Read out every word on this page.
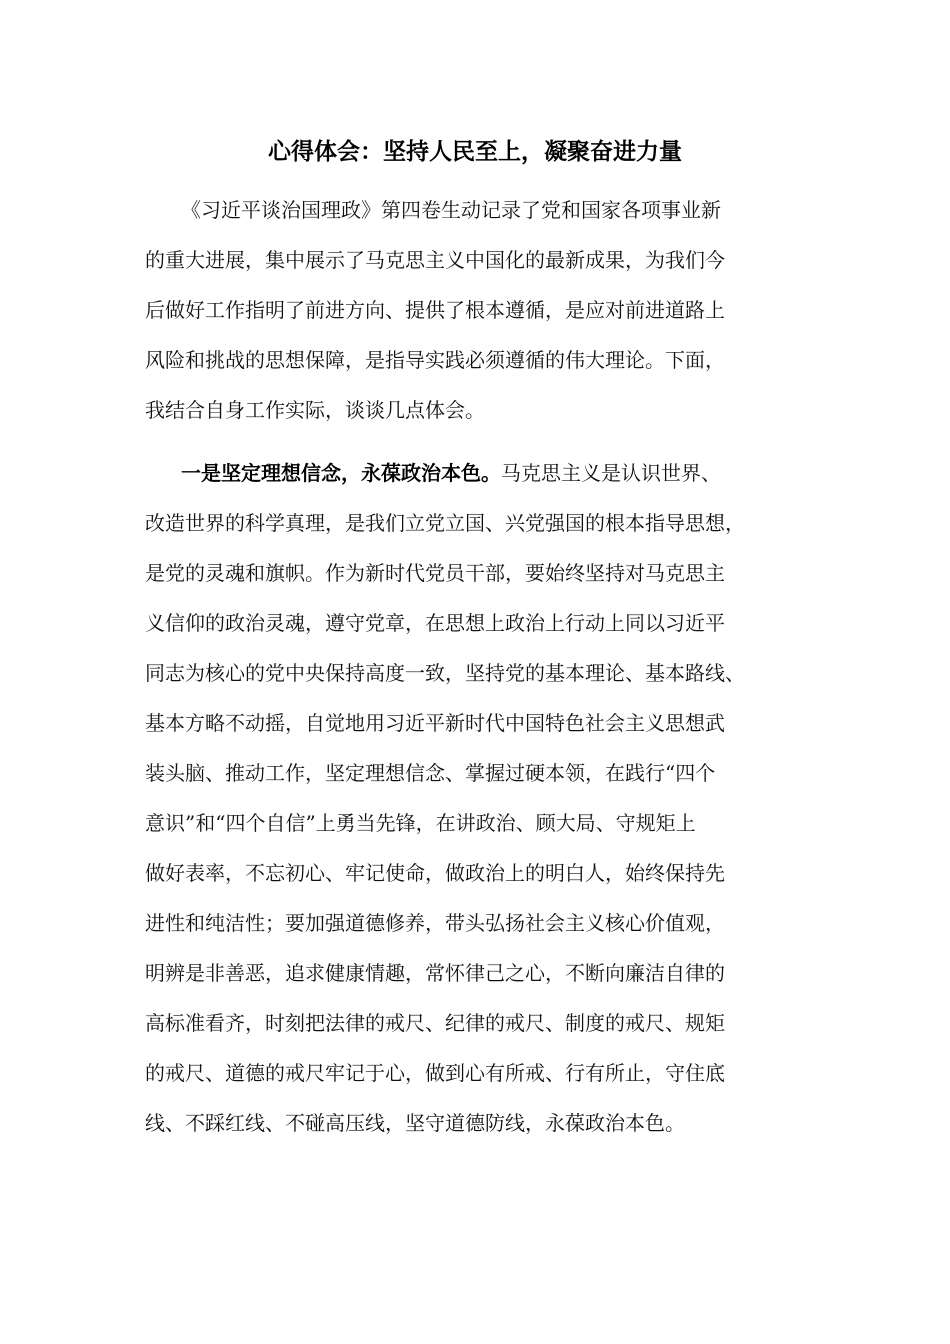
心得体会：坚持人民至上，凝聚奋进力量
《习近平谈治国理政》第四卷生动记录了党和国家各项事业新
的重大进展，集中展示了马克思主义中国化的最新成果，为我们今
后做好工作指明了前进方向、提供了根本遵循，是应对前进道路上
风险和挑战的思想保障，是指导实践必须遵循的伟大理论。下面，
我结合自身工作实际，谈谈几点体会。
一是坚定理想信念，永葆政治本色。马克思主义是认识世界、
改造世界的科学真理，是我们立党立国、兴党强国的根本指导思想，
是党的灵魂和旗帜。作为新时代党员干部，要始终坚持对马克思主
义信仰的政治灵魂，遵守党章，在思想上政治上行动上同以习近平
同志为核心的党中央保持高度一致，坚持党的基本理论、基本路线、
基本方略不动摇，自觉地用习近平新时代中国特色社会主义思想武
装头脑、推动工作，坚定理想信念、掌握过硬本领，在践行“四个
意识”和“四个自信”上勇当先锋，在讲政治、顾大局、守规矩上
做好表率，不忘初心、牢记使命，做政治上的明白人，始终保持先
进性和纯洁性；要加强道德修养，带头弘扬社会主义核心价值观，
明辨是非善恶，追求健康情趣，常怀律己之心，不断向廉洁自律的
高标准看齐，时刻把法律的戒尺、纪律的戒尺、制度的戒尺、规矩
的戒尺、道德的戒尺牢记于心，做到心有所戒、行有所止，守住底
线、不踩红线、不碰高压线，坚守道德防线，永葆政治本色。
